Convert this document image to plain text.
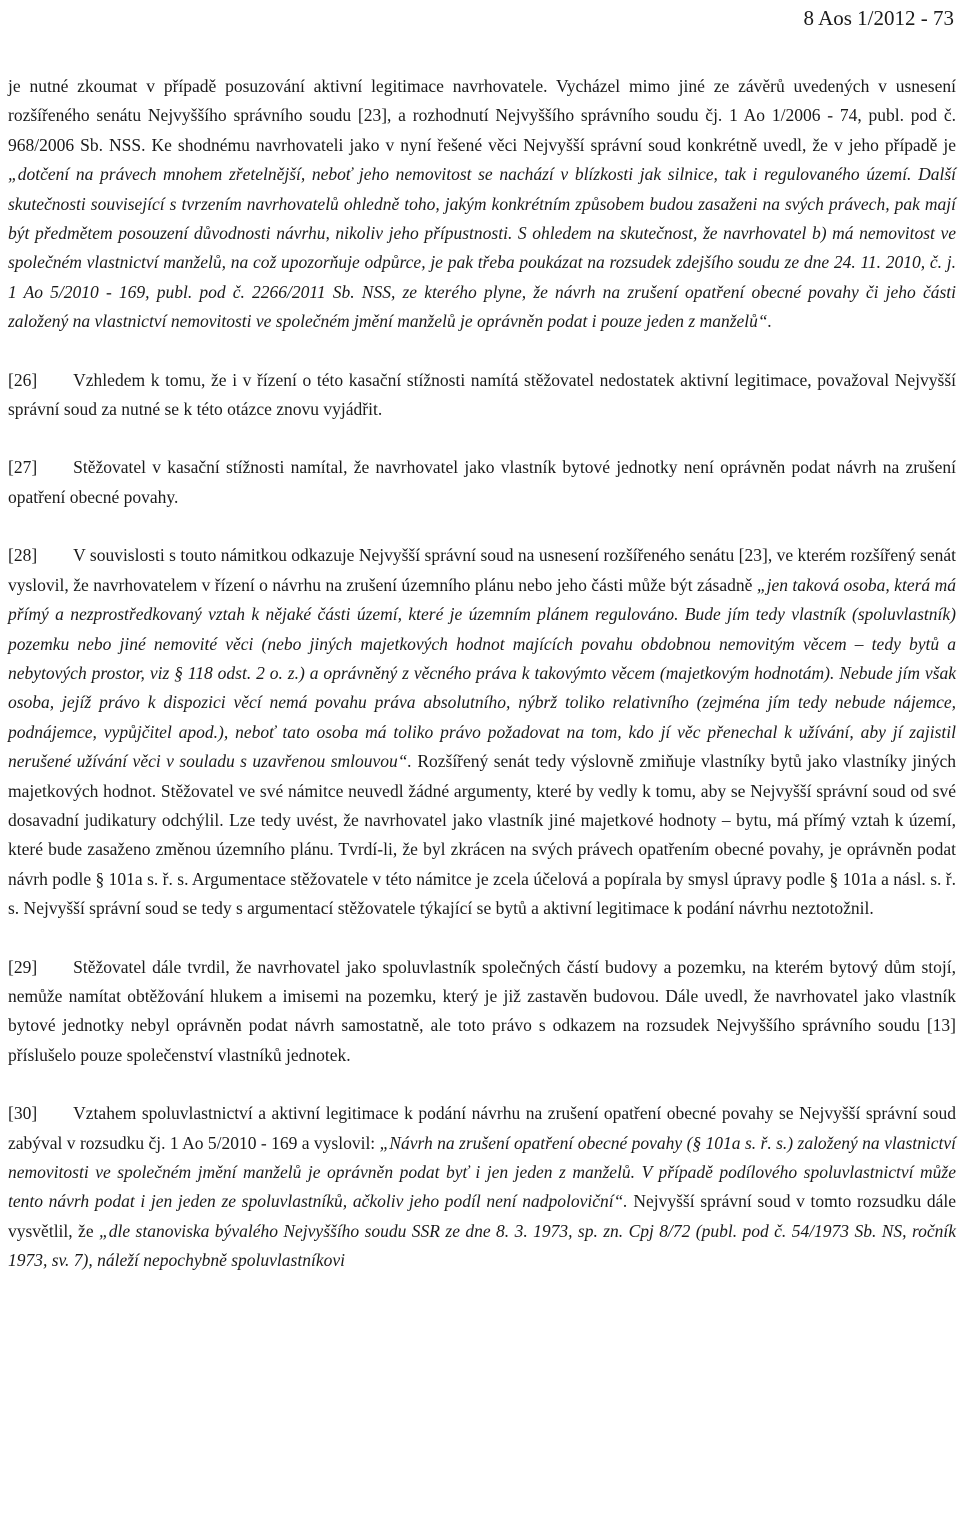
8 Aos 1/2012 - 73

je nutné zkoumat v případě posuzování aktivní legitimace navrhovatele. Vycházel mimo jiné ze závěrů uvedených v usnesení rozšířeného senátu Nejvyššího správního soudu [23], a rozhodnutí Nejvyššího správního soudu čj. 1 Ao 1/2006 - 74, publ. pod č. 968/2006 Sb. NSS. Ke shodnému navrhovateli jako v nyní řešené věci Nejvyšší správní soud konkrétně uvedl, že v jeho případě je „dotčení na právech mnohem zřetelnější, neboť jeho nemovitost se nachází v blízkosti jak silnice, tak i regulovaného území. Další skutečnosti související s tvrzením navrhovatelů ohledně toho, jakým konkrétním způsobem budou zasaženi na svých právech, pak mají být předmětem posouzení důvodnosti návrhu, nikoliv jeho přípustnosti. S ohledem na skutečnost, že navrhovatel b) má nemovitost ve společném vlastnictví manželů, na což upozorňuje odpůrce, je pak třeba poukázat na rozsudek zdejšího soudu ze dne 24. 11. 2010, č. j. 1 Ao 5/2010 - 169, publ. pod č. 2266/2011 Sb. NSS, ze kterého plyne, že návrh na zrušení opatření obecné povahy či jeho části založený na vlastnictví nemovitosti ve společném jmění manželů je oprávněn podat i pouze jeden z manželů“.

[26] Vzhledem k tomu, že i v řízení o této kasační stížnosti namítá stěžovatel nedostatek aktivní legitimace, považoval Nejvyšší správní soud za nutné se k této otázce znovu vyjádřit.

[27] Stěžovatel v kasační stížnosti namítal, že navrhovatel jako vlastník bytové jednotky není oprávněn podat návrh na zrušení opatření obecné povahy.

[28] V souvislosti s touto námitkou odkazuje Nejvyšší správní soud na usnesení rozšířeného senátu [23], ve kterém rozšířený senát vyslovil, že navrhovatelem v řízení o návrhu na zrušení územního plánu nebo jeho části může být zásadně „jen taková osoba, která má přímý a nezprostředkovaný vztah k nějaké části území, které je územním plánem regulováno. Bude jím tedy vlastník (spoluvlastník) pozemku nebo jiné nemovité věci (nebo jiných majetkových hodnot majících povahu obdobnou nemovitým věcem – tedy bytů a nebytových prostor, viz § 118 odst. 2 o. z.) a oprávněný z věcného práva k takovýmto věcem (majetkovým hodnotám). Nebude jím však osoba, jejíž právo k dispozici věcí nemá povahu práva absolutního, nýbrž toliko relativního (zejména jím tedy nebude nájemce, podnájemce, vypůjčitel apod.), neboť tato osoba má toliko právo požadovat na tom, kdo jí věc přenechal k užívání, aby jí zajistil nerušené užívání věci v souladu s uzavřenou smlouvou“. Rozšířený senát tedy výslovně zmiňuje vlastníky bytů jako vlastníky jiných majetkových hodnot. Stěžovatel ve své námitce neuvedl žádné argumenty, které by vedly k tomu, aby se Nejvyšší správní soud od své dosavadní judikatury odchýlil. Lze tedy uvést, že navrhovatel jako vlastník jiné majetkové hodnoty – bytu, má přímý vztah k území, které bude zasaženo změnou územního plánu. Tvrdí-li, že byl zkrácen na svých právech opatřením obecné povahy, je oprávněn podat návrh podle § 101a s. ř. s. Argumentace stěžovatele v této námitce je zcela účelová a popírala by smysl úpravy podle § 101a a násl. s. ř. s. Nejvyšší správní soud se tedy s argumentací stěžovatele týkající se bytů a aktivní legitimace k podání návrhu neztotožnil.

[29] Stěžovatel dále tvrdil, že navrhovatel jako spoluvlastník společných částí budovy a pozemku, na kterém bytový dům stojí, nemůže namítat obtěžování hlukem a imisemi na pozemku, který je již zastavěn budovou. Dále uvedl, že navrhovatel jako vlastník bytové jednotky nebyl oprávněn podat návrh samostatně, ale toto právo s odkazem na rozsudek Nejvyššího správního soudu [13] příslušelo pouze společenství vlastníků jednotek.

[30] Vztahem spoluvlastnictví a aktivní legitimace k podání návrhu na zrušení opatření obecné povahy se Nejvyšší správní soud zabýval v rozsudku čj. 1 Ao 5/2010 - 169 a vyslovil: „Návrh na zrušení opatření obecné povahy (§ 101a s. ř. s.) založený na vlastnictví nemovitosti ve společném jmění manželů je oprávněn podat byť i jen jeden z manželů. V případě podílového spoluvlastnictví může tento návrh podat i jen jeden ze spoluvlastníků, ačkoliv jeho podíl není nadpoloviční“. Nejvyšší správní soud v tomto rozsudku dále vysvětlil, že „dle stanoviska bývalého Nejvyššího soudu SSR ze dne 8. 3. 1973, sp. zn. Cpj 8/72 (publ. pod č. 54/1973 Sb. NS, ročník 1973, sv. 7), náleží nepochybně spoluvlastníkovi
